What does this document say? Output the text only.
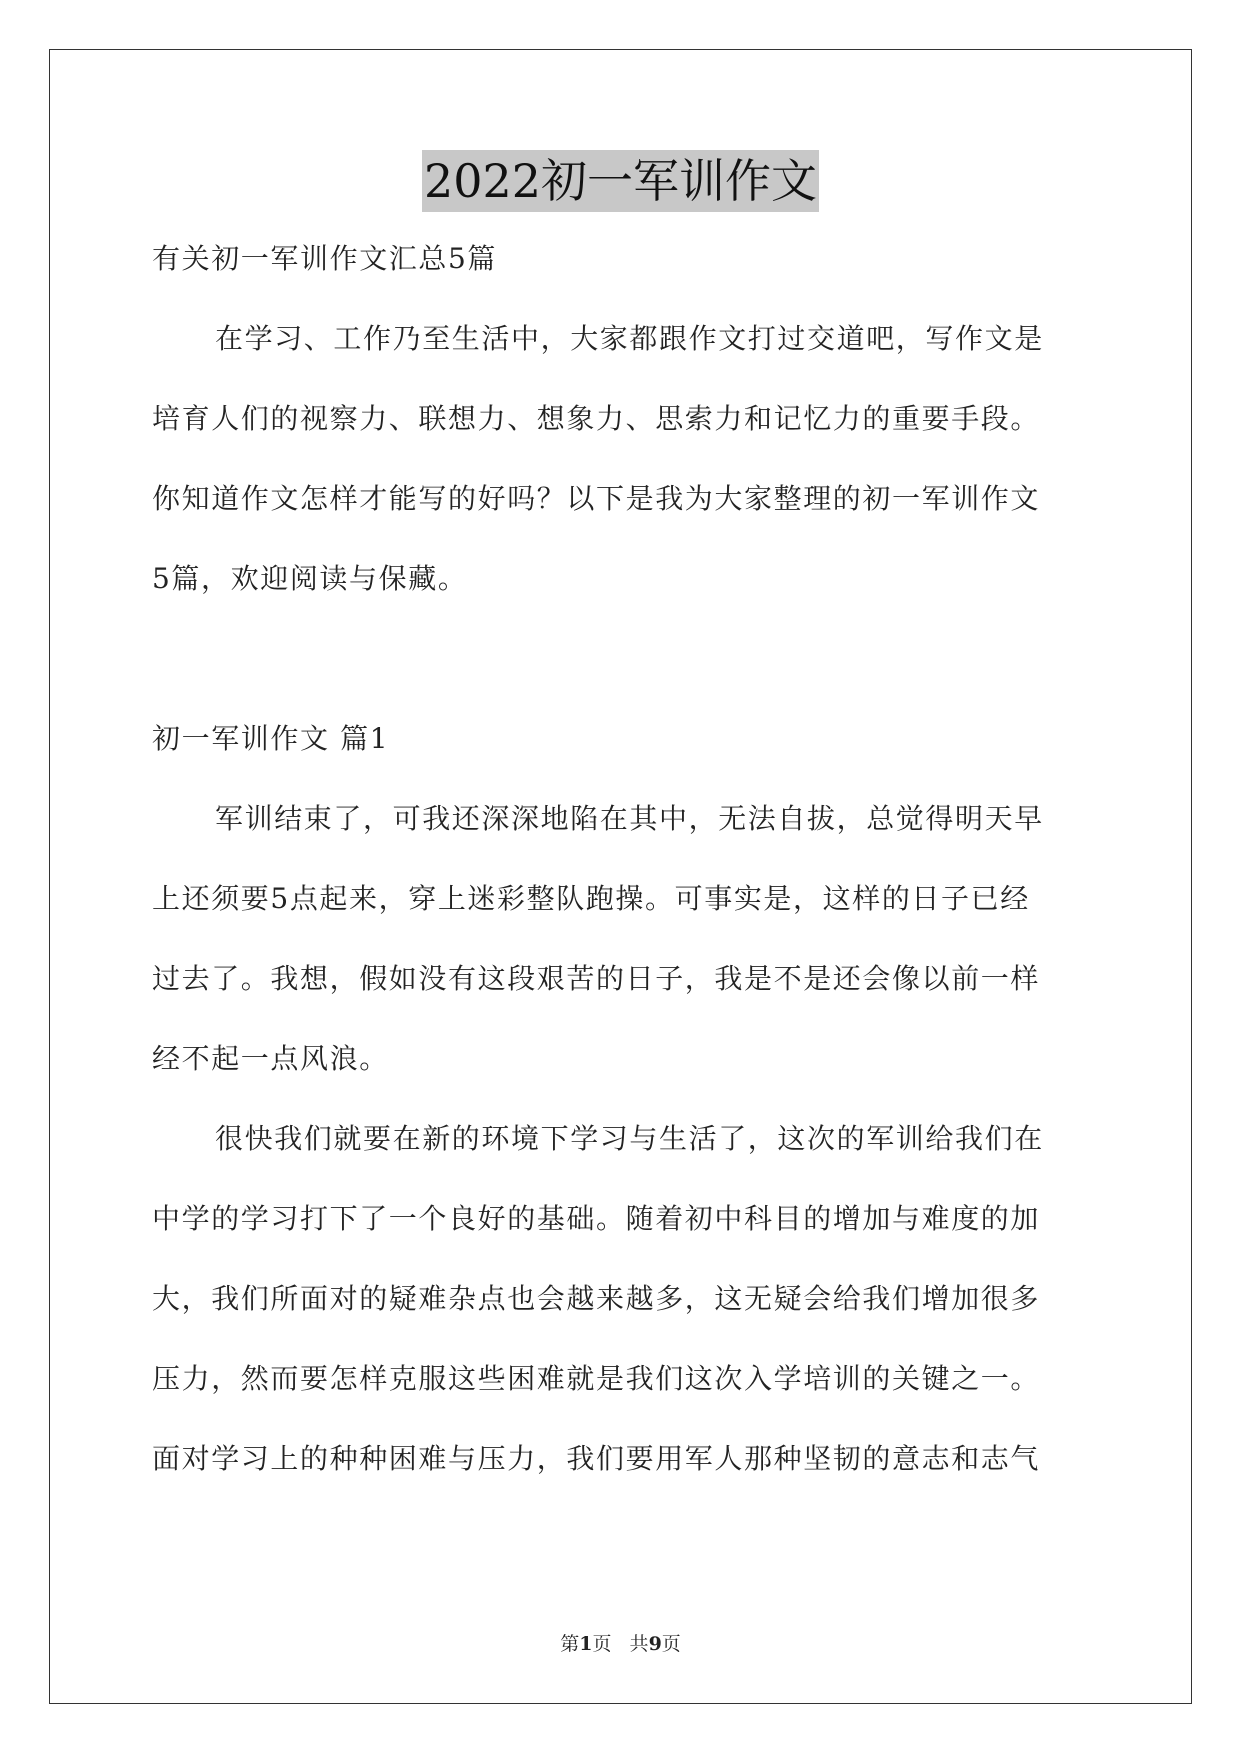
2022初一军训作文
有关初一军训作文汇总5篇
在学习、工作乃至生活中，大家都跟作文打过交道吧，写作文是
培育人们的视察力、联想力、想象力、思索力和记忆力的重要手段。
你知道作文怎样才能写的好吗？以下是我为大家整理的初一军训作文
5篇，欢迎阅读与保藏。
初一军训作文 篇1
军训结束了，可我还深深地陷在其中，无法自拔，总觉得明天早
上还须要5点起来，穿上迷彩整队跑操。可事实是，这样的日子已经
过去了。我想，假如没有这段艰苦的日子，我是不是还会像以前一样
经不起一点风浪。
很快我们就要在新的环境下学习与生活了，这次的军训给我们在
中学的学习打下了一个良好的基础。随着初中科目的增加与难度的加
大，我们所面对的疑难杂点也会越来越多，这无疑会给我们增加很多
压力，然而要怎样克服这些困难就是我们这次入学培训的关键之一。
面对学习上的种种困难与压力，我们要用军人那种坚韧的意志和志气
第1页   共9页
